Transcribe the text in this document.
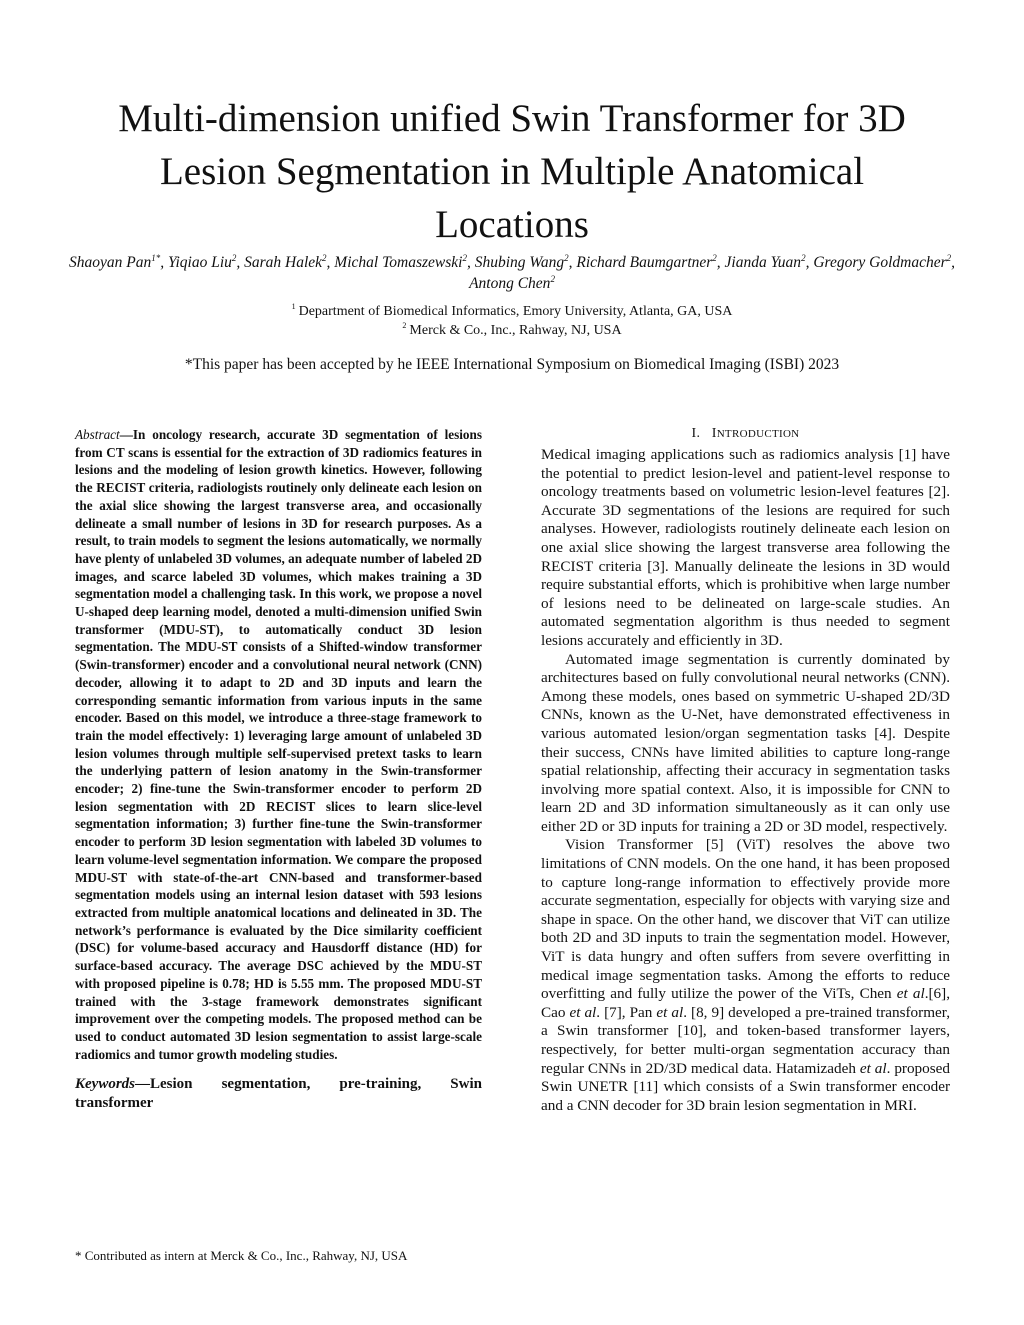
Multi-dimension unified Swin Transformer for 3D
Lesion Segmentation in Multiple Anatomical
Locations
Shaoyan Pan$^{1*}$, Yiqiao Liu$^2$, Sarah Halek$^2$, Michal Tomaszewski$^2$, Shubing Wang$^2$, Richard Baumgartner$^2$, Jianda Yuan$^2$, Gregory Goldmacher$^2$, Antong Chen$^2$
$^1$ Department of Biomedical Informatics, Emory University, Atlanta, GA, USA
$^2$ Merck & Co., Inc., Rahway, NJ, USA
*This paper has been accepted by he IEEE International Symposium on Biomedical Imaging (ISBI) 2023

Abstract—In oncology research, accurate 3D segmentation of lesions from CT scans is essential for the extraction of 3D radiomics features in lesions and the modeling of lesion growth kinetics. However, following the RECIST criteria, radiologists routinely only delineate each lesion on the axial slice showing the largest transverse area, and occasionally delineate a small number of lesions in 3D for research purposes. As a result, to train models to segment the lesions automatically, we normally have plenty of unlabeled 3D volumes, an adequate number of labeled 2D images, and scarce labeled 3D volumes, which makes training a 3D segmentation model a challenging task. In this work, we propose a novel U-shaped deep learning model, denoted a multi-dimension unified Swin transformer (MDU-ST), to automatically conduct 3D lesion segmentation. The MDU-ST consists of a Shifted-window transformer (Swin-transformer) encoder and a convolutional neural network (CNN) decoder, allowing it to adapt to 2D and 3D inputs and learn the corresponding semantic information from various inputs in the same encoder. Based on this model, we introduce a three-stage framework to train the model effectively: 1) leveraging large amount of unlabeled 3D lesion volumes through multiple self-supervised pretext tasks to learn the underlying pattern of lesion anatomy in the Swin-transformer encoder; 2) fine-tune the Swin-transformer encoder to perform 2D lesion segmentation with 2D RECIST slices to learn slice-level segmentation information; 3) further fine-tune the Swin-transformer encoder to perform 3D lesion segmentation with labeled 3D volumes to learn volume-level segmentation information. We compare the proposed MDU-ST with state-of-the-art CNN-based and transformer-based segmentation models using an internal lesion dataset with 593 lesions extracted from multiple anatomical locations and delineated in 3D. The network’s performance is evaluated by the Dice similarity coefficient (DSC) for volume-based accuracy and Hausdorff distance (HD) for surface-based accuracy. The average DSC achieved by the MDU-ST with proposed pipeline is 0.78; HD is 5.55 mm. The proposed MDU-ST trained with the 3-stage framework demonstrates significant improvement over the competing models. The proposed method can be used to conduct automated 3D lesion segmentation to assist large-scale radiomics and tumor growth modeling studies.

Keywords—Lesion segmentation, pre-training, Swin transformer

I. INTRODUCTION

Medical imaging applications such as radiomics analysis [1] have the potential to predict lesion-level and patient-level response to oncology treatments based on volumetric lesion-level features [2]. Accurate 3D segmentations of the lesions are required for such analyses. However, radiologists routinely delineate each lesion on one axial slice showing the largest transverse area following the RECIST criteria [3]. Manually delineate the lesions in 3D would require substantial efforts, which is prohibitive when large number of lesions need to be delineated on large-scale studies. An automated segmentation algorithm is thus needed to segment lesions accurately and efficiently in 3D.

Automated image segmentation is currently dominated by architectures based on fully convolutional neural networks (CNN). Among these models, ones based on symmetric U-shaped 2D/3D CNNs, known as the U-Net, have demonstrated effectiveness in various automated lesion/organ segmentation tasks [4]. Despite their success, CNNs have limited abilities to capture long-range spatial relationship, affecting their accuracy in segmentation tasks involving more spatial context. Also, it is impossible for CNN to learn 2D and 3D information simultaneously as it can only use either 2D or 3D inputs for training a 2D or 3D model, respectively.

Vision Transformer [5] (ViT) resolves the above two limitations of CNN models. On the one hand, it has been proposed to capture long-range information to effectively provide more accurate segmentation, especially for objects with varying size and shape in space. On the other hand, we discover that ViT can utilize both 2D and 3D inputs to train the segmentation model. However, ViT is data hungry and often suffers from severe overfitting in medical image segmentation tasks. Among the efforts to reduce overfitting and fully utilize the power of the ViTs, Chen et al.[6], Cao et al. [7], Pan et al. [8, 9] developed a pre-trained transformer, a Swin transformer [10], and token-based transformer layers, respectively, for better multi-organ segmentation accuracy than regular CNNs in 2D/3D medical data. Hatamizadeh et al. proposed Swin UNETR [11] which consists of a Swin transformer encoder and a CNN decoder for 3D brain lesion segmentation in MRI.

* Contributed as intern at Merck & Co., Inc., Rahway, NJ, USA
